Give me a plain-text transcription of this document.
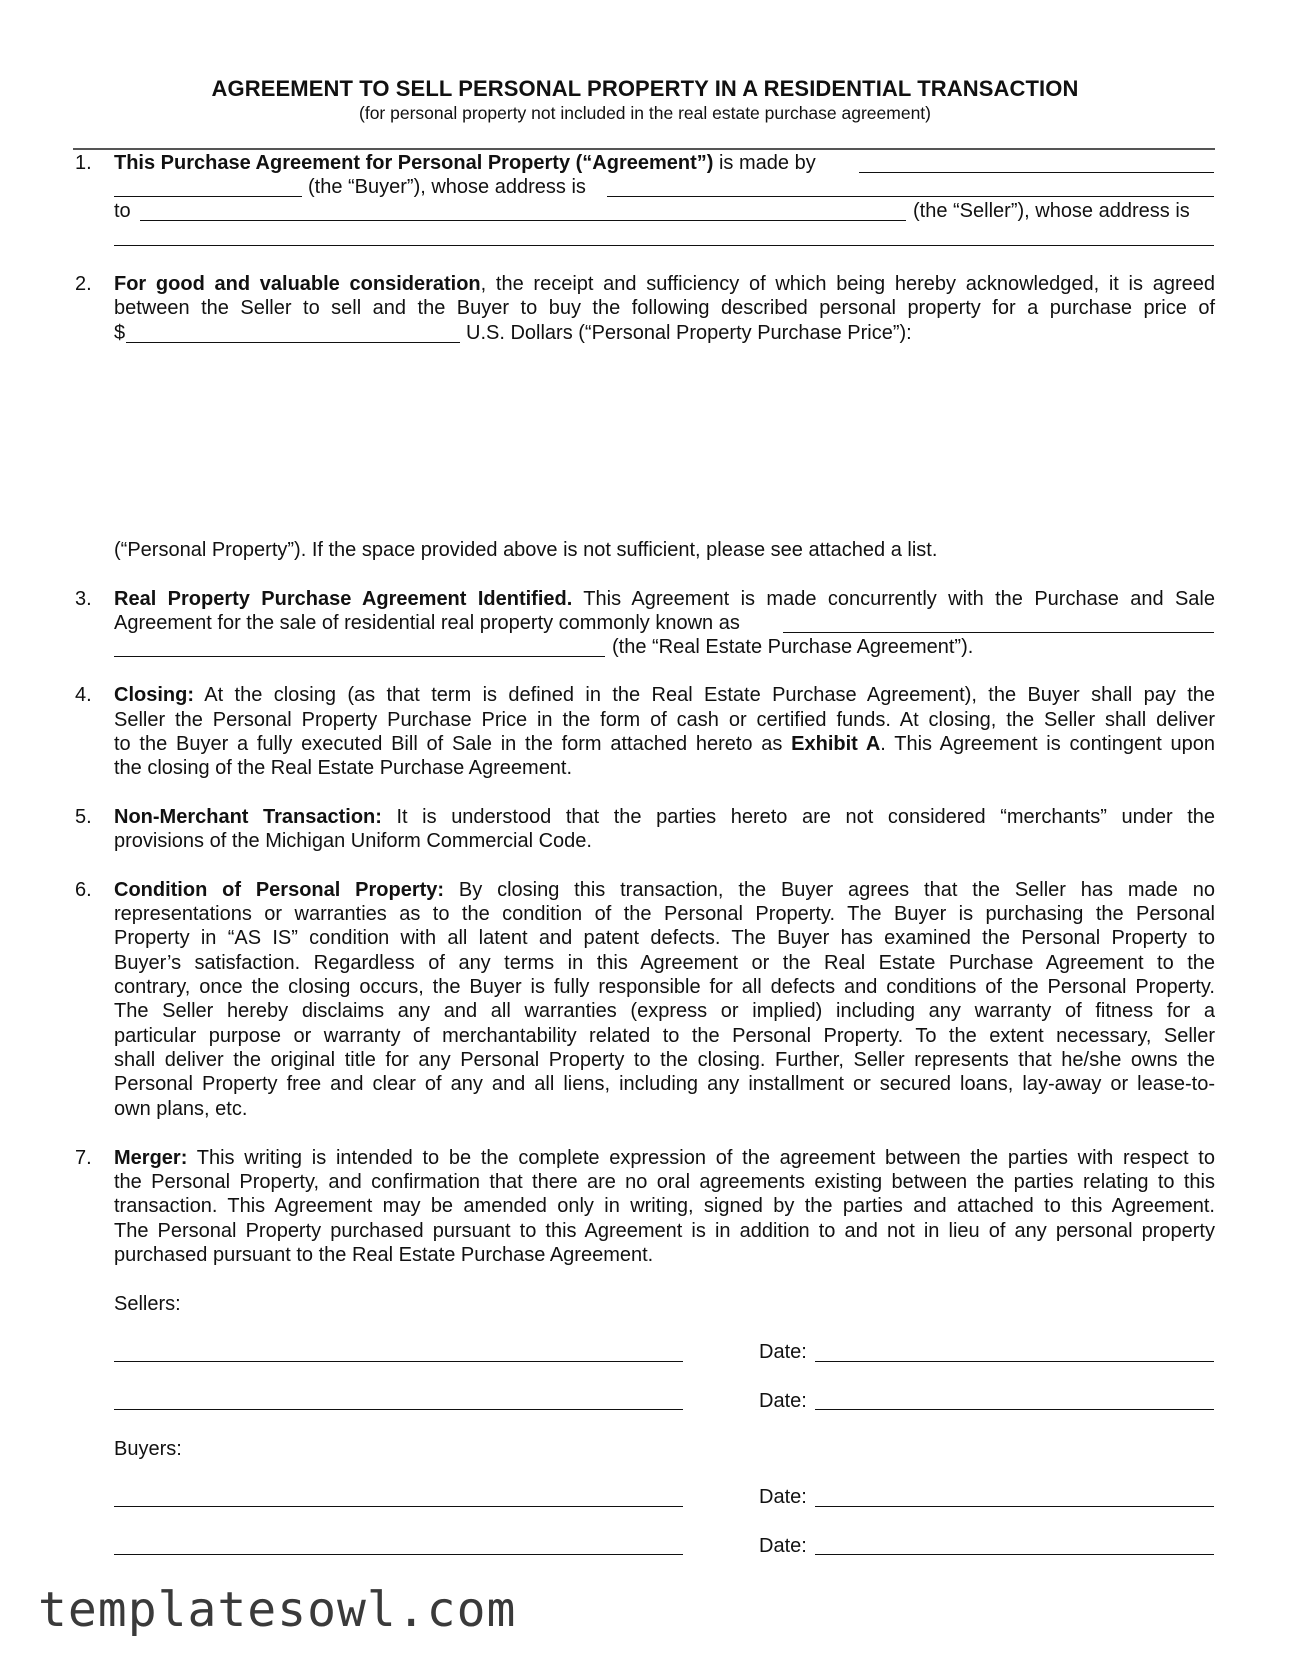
AGREEMENT TO SELL PERSONAL PROPERTY IN A RESIDENTIAL TRANSACTION
(for personal property not included in the real estate purchase agreement)
1. This Purchase Agreement for Personal Property (“Agreement”) is made by
(the “Buyer”), whose address is
to	(the “Seller”), whose address is
2. For good and valuable consideration, the receipt and sufficiency of which being hereby acknowledged, it is agreed
between the Seller to sell and the Buyer to buy the following described personal property for a purchase price of
$	U.S. Dollars (“Personal Property Purchase Price”):
(“Personal Property”). If the space provided above is not sufficient, please see attached a list.
3. Real Property Purchase Agreement Identified. This Agreement is made concurrently with the Purchase and Sale
Agreement for the sale of residential real property commonly known as
(the “Real Estate Purchase Agreement”).
4. Closing: At the closing (as that term is defined in the Real Estate Purchase Agreement), the Buyer shall pay the
Seller the Personal Property Purchase Price in the form of cash or certified funds. At closing, the Seller shall deliver
to the Buyer a fully executed Bill of Sale in the form attached hereto as Exhibit A. This Agreement is contingent upon
the closing of the Real Estate Purchase Agreement.
5. Non-Merchant Transaction: It is understood that the parties hereto are not considered “merchants” under the
provisions of the Michigan Uniform Commercial Code.
6. Condition of Personal Property: By closing this transaction, the Buyer agrees that the Seller has made no
representations or warranties as to the condition of the Personal Property. The Buyer is purchasing the Personal
Property in “AS IS” condition with all latent and patent defects. The Buyer has examined the Personal Property to
Buyer’s satisfaction. Regardless of any terms in this Agreement or the Real Estate Purchase Agreement to the
contrary, once the closing occurs, the Buyer is fully responsible for all defects and conditions of the Personal Property.
The Seller hereby disclaims any and all warranties (express or implied) including any warranty of fitness for a
particular purpose or warranty of merchantability related to the Personal Property. To the extent necessary, Seller
shall deliver the original title for any Personal Property to the closing. Further, Seller represents that he/she owns the
Personal Property free and clear of any and all liens, including any installment or secured loans, lay-away or lease-to-
own plans, etc.
7. Merger: This writing is intended to be the complete expression of the agreement between the parties with respect to
the Personal Property, and confirmation that there are no oral agreements existing between the parties relating to this
transaction. This Agreement may be amended only in writing, signed by the parties and attached to this Agreement.
The Personal Property purchased pursuant to this Agreement is in addition to and not in lieu of any personal property
purchased pursuant to the Real Estate Purchase Agreement.
Sellers:
Date:
Date:
Buyers:
Date:
Date:
templatesowl.com
